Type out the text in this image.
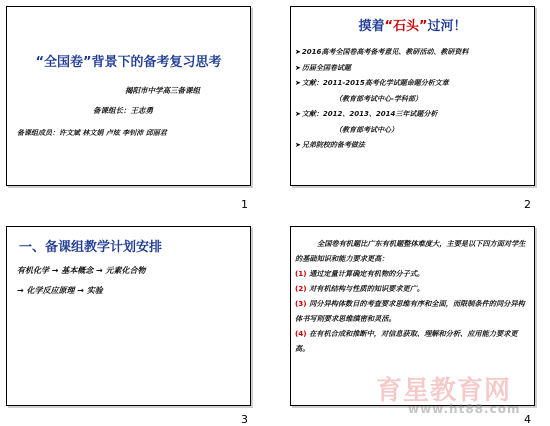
“全国卷”背景下的备考复习思考
揭阳市中学高三备课组
备课组长：王志勇
备课组成员：许文斌 林文娟 卢炫 李钊沛 邱丽君
1
摸着“石头”过河！
➤2016高考全国卷高考备考意见、教研活动、教研资料
➤历届全国卷试题
➤文献：2011-2015高考化学试题命题分析文章
（教育部考试中心-学科部）
➤文献：2012、2013、2014三年试题分析
（教育部考试中心）
➤兄弟院校的备考做法
2
一、备课组教学计划安排
有机化学 → 基本概念 → 元素化合物
→ 化学反应原理 → 实验
3
全国卷有机题比广东有机题整体难度大，主要是以下四方面对学生的基础知识和能力要求更高：
(1) 通过定量计算确定有机物的分子式。
(2) 对有机结构与性质的知识要求更广。
(3) 同分异构体数目的考查要求思维有序和全面，而限制条件的同分异构体书写则要求思维缜密和灵活。
(4) 在有机合成和推断中，对信息获取、理解和分析、应用能力要求更高。
4
育星教育网
www.ht88.com
